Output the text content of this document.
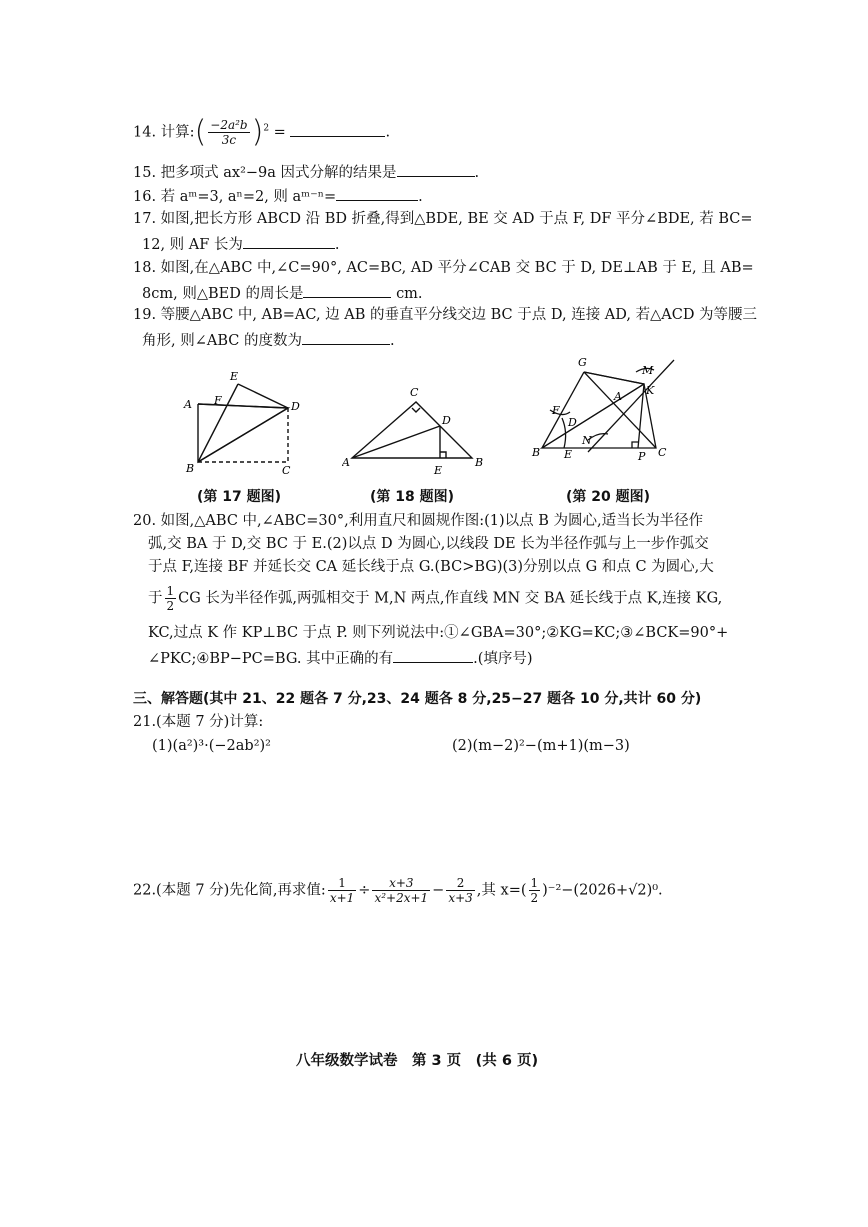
14. 计算:( $\frac{\text{−2a²b}}{3c} )^2$ =	.
15. 把多项式 ax²−9a 因式分解的结果是	.
16. 若 aᵐ=3, aⁿ=2, 则 aᵐ⁻ⁿ=	.
17. 如图,把长方形 ABCD 沿 BD 折叠,得到△BDE, BE 交 AD 于点 F, DF 平分∠BDE, 若 BC=
12, 则 AF 长为	.
18. 如图,在△ABC 中,∠C=90°, AC=BC, AD 平分∠CAB 交 BC 于 D, DE⊥AB 于 E, 且 AB=
8cm, 则△BED 的周长是	cm.
19. 等腰△ABC 中, AB=AC, 边 AB 的垂直平分线交边 BC 于点 D, 连接 AD, 若△ACD 为等腰三
角形, 则∠ABC 的度数为	.
A F
E
D
B	C
(第 17 题图)
A
C
D
E
B
(第 18 题图)
G
M
A K
F
D
N
B E	P C
(第 20 题图)
20. 如图,△ABC 中,∠ABC=30°,利用直尺和圆规作图:(1)以点 B 为圆心,适当长为半径作
弧,交 BA 于 D,交 BC 于 E.(2)以点 D 为圆心,以线段 DE 长为半径作弧与上一步作弧交
于点 F,连接 BF 并延长交 CA 延长线于点 G.(BC>BG)(3)分别以点 G 和点 C 为圆心,大
于 $\frac{1}{2}$ CG 长为半径作弧,两弧相交于 M,N 两点,作直线 MN 交 BA 延长线于点 K,连接 KG,
KC,过点 K 作 KP⊥BC 于点 P. 则下列说法中:①∠GBA=30°;②KG=KC;③∠BCK=90°+
∠PKC;④BP−PC=BG. 其中正确的有	.(填序号)
三、解答题(其中 21、22 题各 7 分,23、24 题各 8 分,25−27 题各 10 分,共计 60 分)
21.(本题 7 分)计算:
(1)(a²)³·(−2ab²)²	(2)(m−2)²−(m+1)(m−3)
22.(本题 7 分)先化简,再求值: $\frac{1}{x+1} \div \frac{x+3}{\text{x²+2x+1}} - \frac{2}{x+3}$ ,其 $x=( \frac{1}{2} )^{-2}-(2026+√2)^0$.
八年级数学试卷　第 3 页　(共 6 页)
